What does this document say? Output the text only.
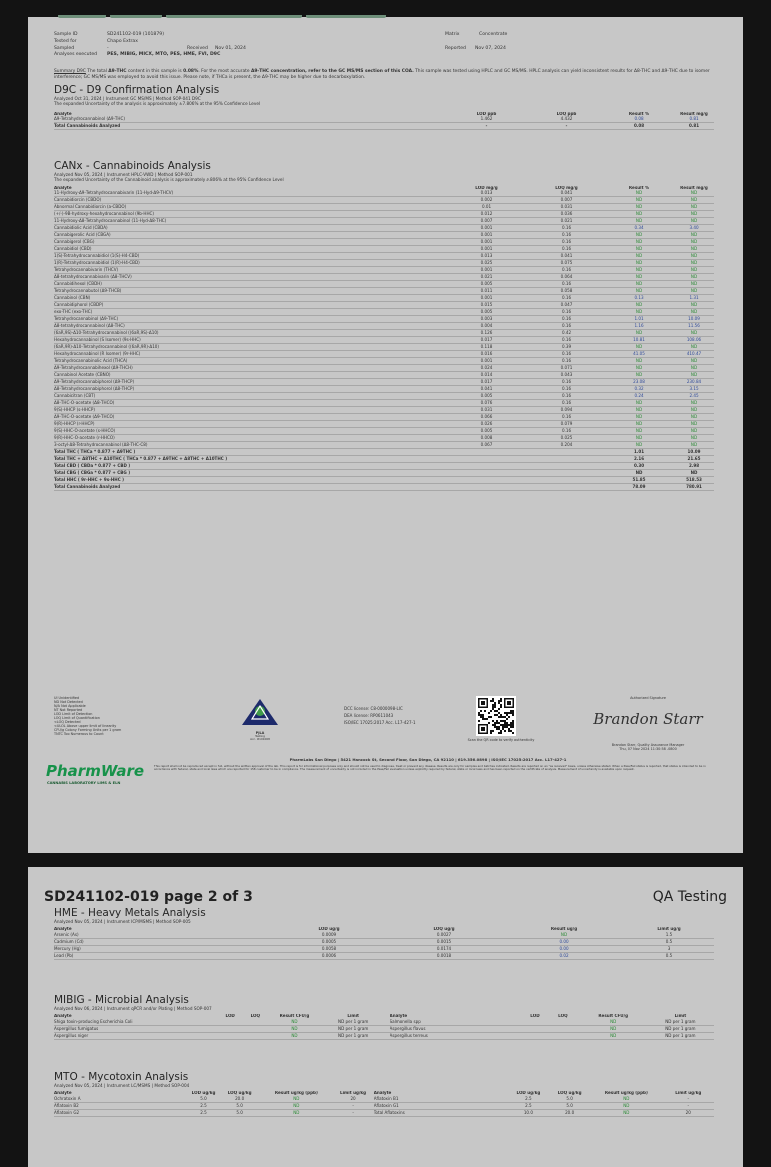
Sample ID	SD241102-019 (101879)	Matrix	Concentrate
Tested for	Chapo Extrax
Sampled	-	Received	Nov 01, 2024	Reported	Nov 07, 2024
Analyses executed	PES, MIBIG, MICX, MTO, PES, HME, FVI, D9C
Summary D9C The total Δ9-THC content in this sample is 0.08%. For the most accurate Δ9-THC concentration, refer to the GC MS/MS section of this COA. This sample was tested using HPLC and GC MS/MS. HPLC analysis can yield inconsistent results for Δ8-THC and Δ9-THC due to isomer interference; GC MS/MS was employed to avoid this issue. Please note, if THCa is present, the Δ9-THC may be higher due to decarboxylation.
D9C - D9 Confirmation Analysis
Analyzed Oct 31, 2024 | Instrument GC MS/MS | Method SOP-041 D9C
The expanded Uncertainty of the analysis is approximately ±7.806% at the 95% Confidence Level
Analyte	LOD ppb	LOQ ppb	Result %	Result mg/g
Δ9-Tetrahydrocannabinol (Δ9-THC)	1.462	4.432	0.08	0.81
Total Cannabinoids Analyzed	-	-	0.08	0.81
CANx - Cannabinoids Analysis
Analyzed Nov 05, 2024 | Instrument HPLC-VWD | Method SOP-001
The expanded Uncertainty of the Cannabinoid analysis is approximately ∂.806% at the 95% Confidence Level
Analyte	LOD mg/g	LOQ mg/g	Result %	Result mg/g
11-Hydroxy-Δ9-Tetrahydrocannabivarin (11-Hyd-Δ9-THCV)	0.013	0.041	ND	ND
Cannabidiorcin (CBDO)	0.002	0.007	ND	ND
Abnormal Cannabidiorcin (a-CBDO)	0.01	0.031	ND	ND
(+/-)-9B-hydroxy-hexahydrocannabinol (9b-HHC)	0.012	0.036	ND	ND
11-Hydroxy-Δ8-Tetrahydrocannabinol (11-Hyd-Δ8-THC)	0.007	0.021	ND	ND
Cannabidiolic Acid (CBDA)	0.001	0.16	0.34	3.40
Cannabigerolic Acid (CBGA)	0.001	0.16	ND	ND
Cannabigerol (CBG)	0.001	0.16	ND	ND
Cannabidiol (CBD)	0.001	0.16	ND	ND
1(S)-Tetrahydrocannabidiol (1(S)-H4-CBD)	0.013	0.041	ND	ND
1(R)-Tetrahydrocannabidiol (1(R)-H4-CBD)	0.025	0.075	ND	ND
Tetrahydrocannabivarin (THCV)	0.001	0.16	ND	ND
Δ8-tetrahydrocannabivarin (Δ8-THCV)	0.021	0.064	ND	ND
Cannabidihexol (CBDH)	0.005	0.16	ND	ND
Tetrahydrocannabutol (Δ9-THCB)	0.011	0.058	ND	ND
Cannabinol (CBN)	0.001	0.16	0.13	1.31
Cannabidiphorol (CBDP)	0.015	0.047	ND	ND
exo-THC (exo-THC)	0.005	0.16	ND	ND
Tetrahydrocannabinol (Δ9-THC)	0.003	0.16	1.01	10.09
Δ8-tetrahydrocannabinol (Δ8-THC)	0.004	0.16	1.16	11.56
(6aR,9S)-Δ10-Tetrahydrocannabinol ((6aR,9S)-Δ10)	0.126	0.42	ND	ND
Hexahydrocannabinol (S Isomer) (9s-HHC)	0.017	0.16	10.81	108.06
(6aR,9R)-Δ10-Tetrahydrocannabinol ((6aR,9R)-Δ10)	0.118	0.39	ND	ND
Hexahydrocannabinol (R Isomer) (9r-HHC)	0.016	0.16	41.05	410.47
Tetrahydrocannabinolic Acid (THCA)	0.001	0.16	ND	ND
Δ9-Tetrahydrocannabihexol (Δ9-THCH)	0.024	0.071	ND	ND
Cannabinol Acetate (CBNO)	0.014	0.043	ND	ND
Δ9-Tetrahydrocannabiphorol (Δ9-THCP)	0.017	0.16	23.08	230.84
Δ8-Tetrahydrocannabiphorol (Δ8-THCP)	0.041	0.16	0.32	3.15
Cannabicitran (CBT)	0.005	0.16	0.24	2.45
Δ8-THC-O-acetate (Δ8-THCO)	0.076	0.16	ND	ND
9(S)-HHCP (s-HHCP)	0.031	0.094	ND	ND
Δ9-THC-O-acetate (Δ9-THCO)	0.066	0.16	ND	ND
9(R)-HHCP (r-HHCP)	0.026	0.079	ND	ND
9(S)-HHC-O-acetate (s-HHCO)	0.005	0.16	ND	ND
9(R)-HHC-O-acetate (r-HHCO)	0.008	0.025	ND	ND
3-octyl-Δ8-Tetrahydrocannabinol (Δ8-THC-C8)	0.067	0.204	ND	ND
Total THC ( THCa * 0.877 + Δ9THC )			1.01	10.09
Total THC + Δ8THC + Δ10THC ( THCa * 0.877 + Δ9THC + Δ8THC + Δ10THC )			2.16	21.65
Total CBD ( CBDa * 0.877 + CBD )			0.30	2.98
Total CBG ( CBGa * 0.877 + CBG )			ND	ND
Total HHC ( 9r-HHC + 9s-HHC )			51.85	518.53
Total Cannabinoids Analyzed			78.09	780.91
UI Unidentified
ND Not Detected
N/A Not Applicable
NT Not Reported
LOD Limit of Detection
LOQ Limit of Quantification
<LOQ Detected
<ULOL Above upper limit of linearity
CFU/g Colony Forming Units per 1 gram
TNTC Too Numerous to Count	PJLA
Testing
Acc. #101068
DCC license: C8-0000098-LIC
DEA license: RP0611043
ISO/IEC 17025:2017 Acc. L17-427-1
Scan the QR code to verify authenticity
Authorized Signature
Brandon Starr
Brandon Starr, Quality Assurance Manager
Thu, 07 Nov 2024 11:30:58 -0800
PharmLabs San Diego | 5421 Hancock St, Second Floor, San Diego, CA 92110 | 619.356.0898 | ISO/IEC 17025:2017 Acc. L17-427-1
PharmWare
CANNABIS LABORATORY LIMS & ELN
This report shall not be reproduced except in full, without the written approval of the lab. This report is for informational purposes only and should not be used to diagnose, treat or prevent any disease. Results are only for samples and batches indicated. Results are reported on an "as received" basis, unless otherwise stated. When a Pass/Fail status is reported, that status is intended to be in accordance with federal, state and local laws which are reported for 158 customer to be in compliance. The measurement of uncertainty is not included in the Pass/Fail evaluation unless explicitly required by federal, state or local laws and has been reported on the certificate of analysis. Measurement of uncertainty is available upon request.
SD241102-019 page 2 of 3	QA Testing
HME - Heavy Metals Analysis
Analyzed Nov 05, 2024 | Instrument ICP/MSMS | Method SOP-005
Analyte	LOD ug/g	LOQ ug/g	Result ug/g	Limit ug/g
Arsenic (As)	0.0009	0.0027	ND	1.5
Cadmium (Cd)	0.0005	0.0015	0.00	0.5
Mercury (Hg)	0.0058	0.0174	0.00	3
Lead (Pb)	0.0006	0.0018	0.02	0.5
MIBIG - Microbial Analysis
Analyzed Nov 06, 2024 | Instrument qPCR and/or Plating | Method SOP-007
Analyte	LOD	LOQ	Result CFU/g	Limit	Analyte	LOD	LOQ	Result CFU/g	Limit
Shiga toxin-producing Escherichia Coli			ND	ND per 1 gram	Salmonella spp			ND	ND per 1 gram
Aspergillus fumigatus			ND	ND per 1 gram	Aspergillus flavus			ND	ND per 1 gram
Aspergillus niger			ND	ND per 1 gram	Aspergillus terreus			ND	ND per 1 gram
MTO - Mycotoxin Analysis
Analyzed Nov 05, 2024 | Instrument LC/MSMS | Method SOP-004
Analyte	LOD ug/kg	LOQ ug/kg	Result ug/kg (ppb)	Limit ug/kg	Analyte	LOD ug/kg	LOQ ug/kg	Result ug/kg (ppb)	Limit ug/kg
Ochratoxin A	5.0	20.0	ND	20	Aflatoxin B1	2.5	5.0	ND	-
Aflatoxin B2	2.5	5.0	ND	-	Aflatoxin G1	2.5	5.0	ND	-
Aflatoxin G2	2.5	5.0	ND	-	Total Aflatoxins	10.0	20.0	ND	20
